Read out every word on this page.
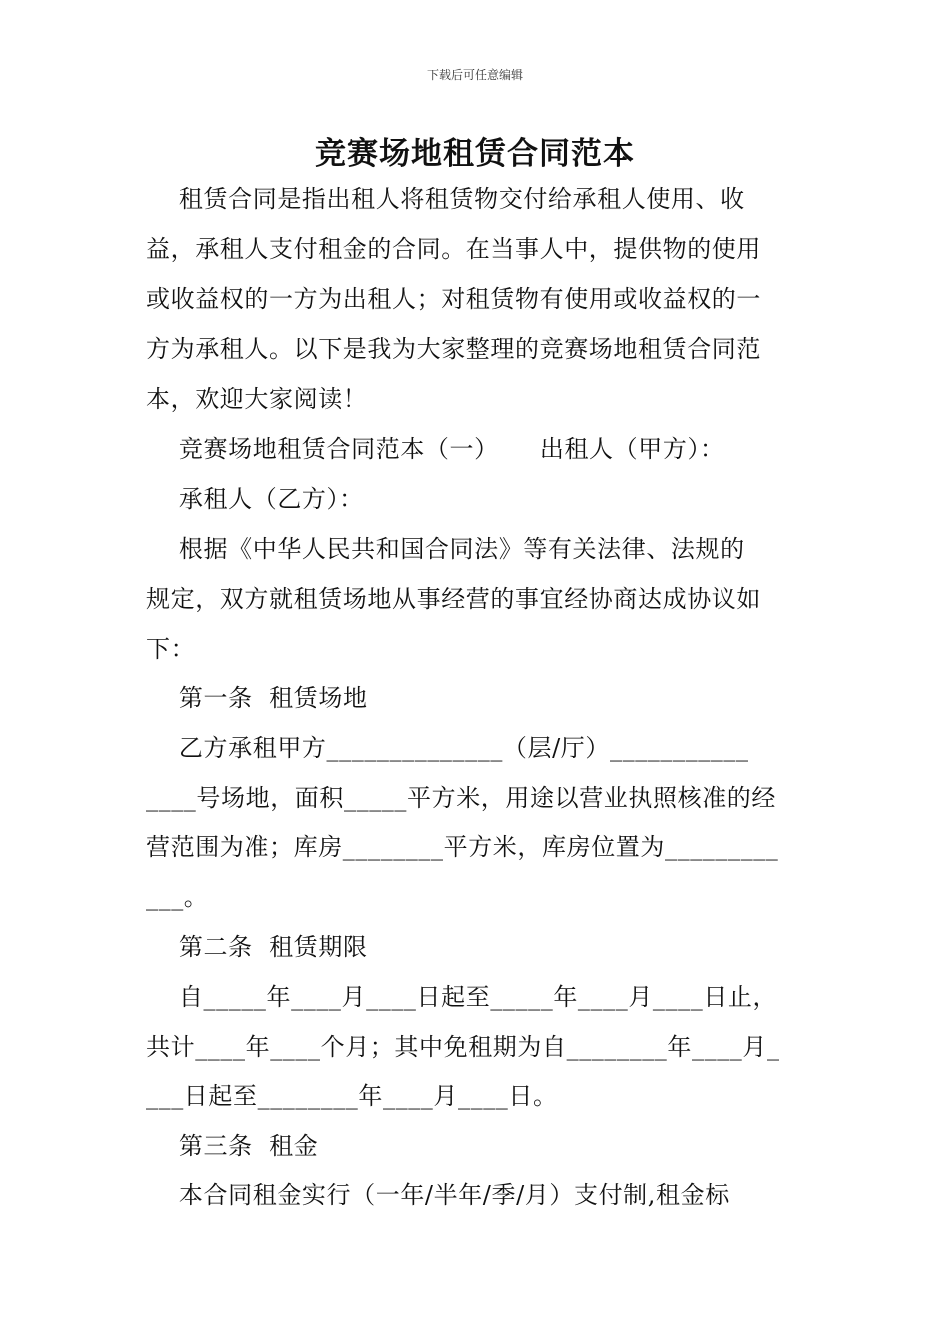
下载后可任意编辑
竞赛场地租赁合同范本
租赁合同是指出租人将租赁物交付给承租人使用、收
益，承租人支付租金的合同。在当事人中，提供物的使用
或收益权的一方为出租人；对租赁物有使用或收益权的一
方为承租人。以下是我为大家整理的竞赛场地租赁合同范
本，欢迎大家阅读！
竞赛场地租赁合同范本（一）     出租人（甲方）：
承租人（乙方）：
根据《中华人民共和国合同法》等有关法律、法规的
规定，双方就租赁场地从事经营的事宜经协商达成协议如
下：
第一条  租赁场地
乙方承租甲方______________（层/厅）___________
____号场地，面积_____平方米，用途以营业执照核准的经
营范围为准；库房________平方米，库房位置为_________
___。
第二条  租赁期限
自_____年____月____日起至_____年____月____日止，
共计____年____个月；其中免租期为自________年____月_
___日起至________年____月____日。
第三条  租金
本合同租金实行（一年/半年/季/月）支付制,租金标
